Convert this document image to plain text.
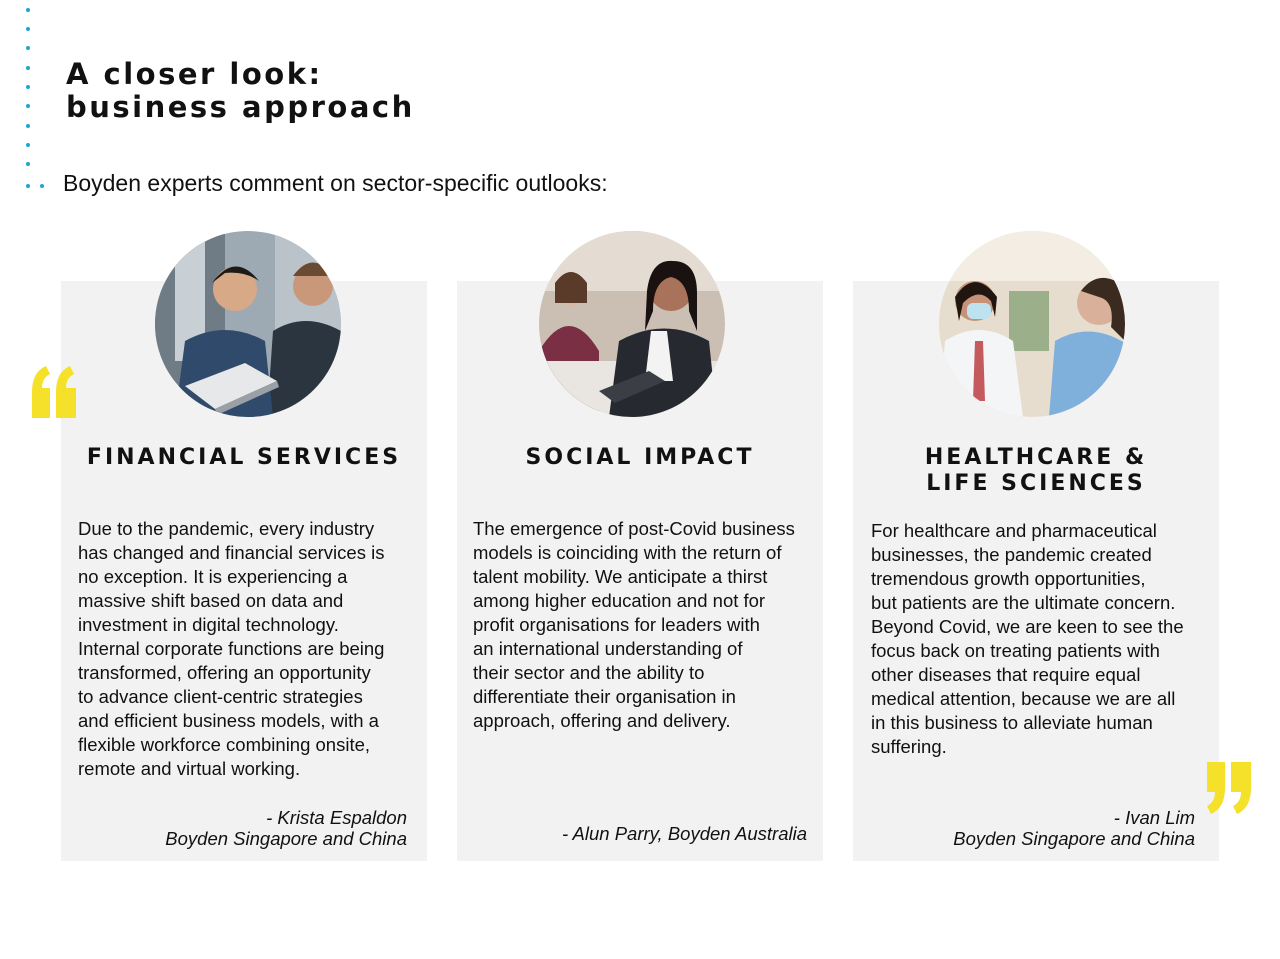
A closer look:
business approach

Boyden experts comment on sector-specific outlooks:

FINANCIAL SERVICES

Due to the pandemic, every industry
has changed and financial services is
no exception. It is experiencing a
massive shift based on data and
investment in digital technology.
Internal corporate functions are being
transformed, offering an opportunity
to advance client-centric strategies
and efficient business models, with a
flexible workforce combining onsite,
remote and virtual working.

- Krista Espaldon
Boyden Singapore and China

SOCIAL IMPACT

The emergence of post-Covid business
models is coinciding with the return of
talent mobility. We anticipate a thirst
among higher education and not for
profit organisations for leaders with
an international understanding of
their sector and the ability to
differentiate their organisation in
approach, offering and delivery.

- Alun Parry, Boyden Australia

HEALTHCARE &
LIFE SCIENCES

For healthcare and pharmaceutical
businesses, the pandemic created
tremendous growth opportunities,
but patients are the ultimate concern.
Beyond Covid, we are keen to see the
focus back on treating patients with
other diseases that require equal
medical attention, because we are all
in this business to alleviate human
suffering.

- Ivan Lim
Boyden Singapore and China
